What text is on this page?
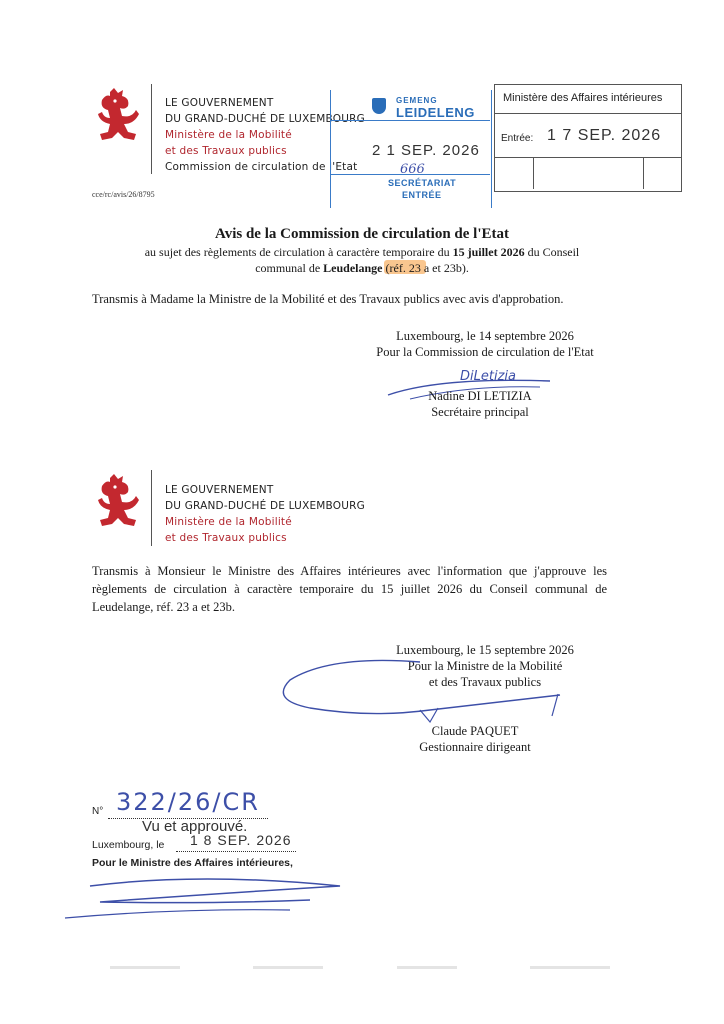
LE GOUVERNEMENT
DU GRAND-DUCHÉ DE LUXEMBOURG
Ministère de la Mobilité
et des Travaux publics
Commission de circulation de l'Etat
GEMENG
LEIDELENG
2 1 SEP. 2026
666
SECRÉTARIAT
ENTRÉE
Ministère des Affaires intérieures
Entrée: 1 7 SEP. 2026
cce/rc/avis/26/8795
Avis de la Commission de circulation de l'Etat
au sujet des règlements de circulation à caractère temporaire du 15 juillet 2026 du Conseil
communal de Leudelange (réf. 23 a et 23b).
Transmis à Madame la Ministre de la Mobilité et des Travaux publics avec avis d'approbation.
Luxembourg, le 14 septembre 2026
Pour la Commission de circulation de l'Etat
DiLetizia
Nadine DI LETIZIA
Secrétaire principal
LE GOUVERNEMENT
DU GRAND-DUCHÉ DE LUXEMBOURG
Ministère de la Mobilité
et des Travaux publics
Transmis à Monsieur le Ministre des Affaires intérieures avec l'information que j'approuve les
règlements de circulation à caractère temporaire du 15 juillet 2026 du Conseil communal de
Leudelange, réf. 23 a et 23b.
Luxembourg, le 15 septembre 2026
Pour la Ministre de la Mobilité
et des Travaux publics
Claude PAQUET
Gestionnaire dirigeant
N° 322/26/CR
Vu et approuvé.
Luxembourg, le 1 8 SEP. 2026
Pour le Ministre des Affaires intérieures,
